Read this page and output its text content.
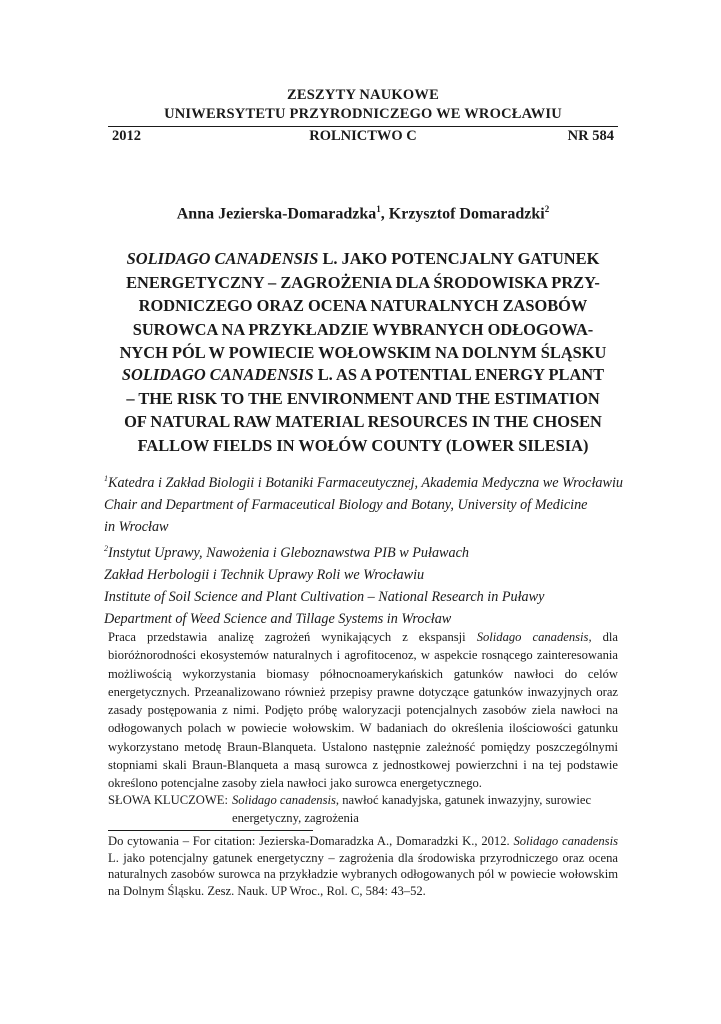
ZESZYTY NAUKOWE
UNIWERSYTETU PRZYRODNICZEGO WE WROCŁAWIU
2012	ROLNICTWO C	NR 584
Anna Jezierska-Domaradzka$^1$, Krzysztof Domaradzki$^2$
SOLIDAGO CANADENSIS L. JAKO POTENCJALNY GATUNEK
ENERGETYCZNY – ZAGROŻENIA DLA ŚRODOWISKA PRZY-
RODNICZEGO ORAZ OCENA NATURALNYCH ZASOBÓW
SUROWCA NA PRZYKŁADZIE WYBRANYCH ODŁOGOWA-
NYCH PÓL W POWIECIE WOŁOWSKIM NA DOLNYM ŚLĄSKU
SOLIDAGO CANADENSIS L. AS A POTENTIAL ENERGY PLANT
– THE RISK TO THE ENVIRONMENT AND THE ESTIMATION
OF NATURAL RAW MATERIAL RESOURCES IN THE CHOSEN
FALLOW FIELDS IN WOŁÓW COUNTY (LOWER SILESIA)
$^1$Katedra i Zakład Biologii i Botaniki Farmaceutycznej, Akademia Medyczna we Wrocławiu
Chair and Department of Farmaceutical Biology and Botany, University of Medicine
in Wrocław
$^2$Instytut Uprawy, Nawożenia i Gleboznawstwa PIB w Puławach
Zakład Herbologii i Technik Uprawy Roli we Wrocławiu
Institute of Soil Science and Plant Cultivation – National Research in Puławy
Department of Weed Science and Tillage Systems in Wrocław
Praca przedstawia analizę zagrożeń wynikających z ekspansji Solidago canadensis, dla bioróżnorodności ekosystemów naturalnych i agrofitocenoz, w aspekcie rosnącego zainteresowania możliwością wykorzystania biomasy północnoamerykańskich gatunków nawłoci do celów energetycznych. Przeanalizowano również przepisy prawne dotyczące gatunków inwazyjnych oraz zasady postępowania z nimi. Podjęto próbę waloryzacji potencjalnych zasobów ziela nawłoci na odłogowanych polach w powiecie wołowskim. W badaniach do określenia ilościowości gatunku wykorzystano metodę Braun-Blanqueta. Ustalono następnie zależność pomiędzy poszczególnymi stopniami skali Braun-Blanqueta a masą surowca z jednostkowej powierzchni i na tej podstawie określono potencjalne zasoby ziela nawłoci jako surowca energetycznego.
SŁOWA KLUCZOWE: Solidago canadensis, nawłoć kanadyjska, gatunek inwazyjny, surowiec energetyczny, zagrożenia
Do cytowania – For citation: Jezierska-Domaradzka A., Domaradzki K., 2012. Solidago canadensis L. jako potencjalny gatunek energetyczny – zagrożenia dla środowiska przyrodniczego oraz ocena naturalnych zasobów surowca na przykładzie wybranych odłogowanych pól w powiecie wołowskim na Dolnym Śląsku. Zesz. Nauk. UP Wroc., Rol. C, 584: 43–52.
